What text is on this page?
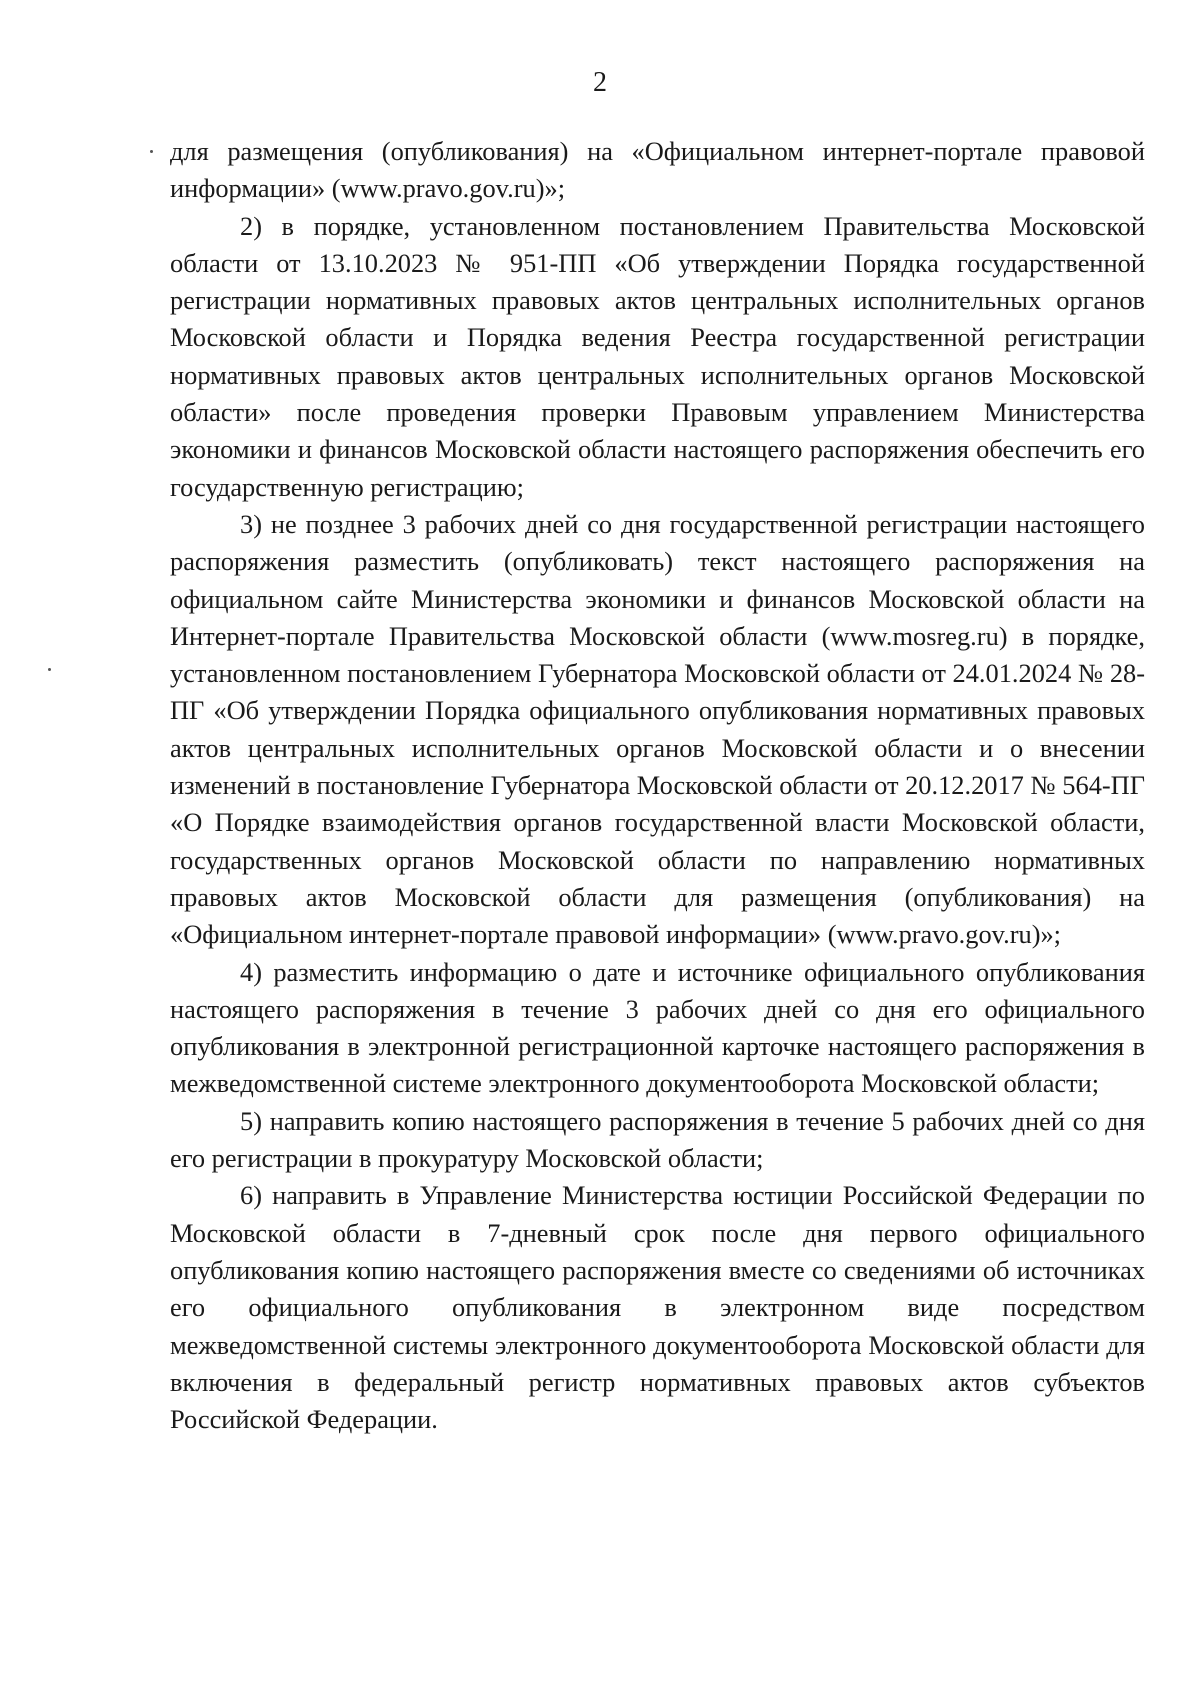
2

для размещения (опубликования) на «Официальном интернет-портале правовой информации» (www.pravo.gov.ru)»;

2) в порядке, установленном постановлением Правительства Московской области от 13.10.2023 № 951-ПП «Об утверждении Порядка государственной регистрации нормативных правовых актов центральных исполнительных органов Московской области и Порядка ведения Реестра государственной регистрации нормативных правовых актов центральных исполнительных органов Московской области» после проведения проверки Правовым управлением Министерства экономики и финансов Московской области настоящего распоряжения обеспечить его государственную регистрацию;

3) не позднее 3 рабочих дней со дня государственной регистрации настоящего распоряжения разместить (опубликовать) текст настоящего распоряжения на официальном сайте Министерства экономики и финансов Московской области на Интернет-портале Правительства Московской области (www.mosreg.ru) в порядке, установленном постановлением Губернатора Московской области от 24.01.2024 № 28-ПГ «Об утверждении Порядка официального опубликования нормативных правовых актов центральных исполнительных органов Московской области и о внесении изменений в постановление Губернатора Московской области от 20.12.2017 № 564-ПГ «О Порядке взаимодействия органов государственной власти Московской области, государственных органов Московской области по направлению нормативных правовых актов Московской области для размещения (опубликования) на «Официальном интернет-портале правовой информации» (www.pravo.gov.ru)»;

4) разместить информацию о дате и источнике официального опубликования настоящего распоряжения в течение 3 рабочих дней со дня его официального опубликования в электронной регистрационной карточке настоящего распоряжения в межведомственной системе электронного документооборота Московской области;

5) направить копию настоящего распоряжения в течение 5 рабочих дней со дня его регистрации в прокуратуру Московской области;

6) направить в Управление Министерства юстиции Российской Федерации по Московской области в 7-дневный срок после дня первого официального опубликования копию настоящего распоряжения вместе со сведениями об источниках его официального опубликования в электронном виде посредством межведомственной системы электронного документооборота Московской области для включения в федеральный регистр нормативных правовых актов субъектов Российской Федерации.
